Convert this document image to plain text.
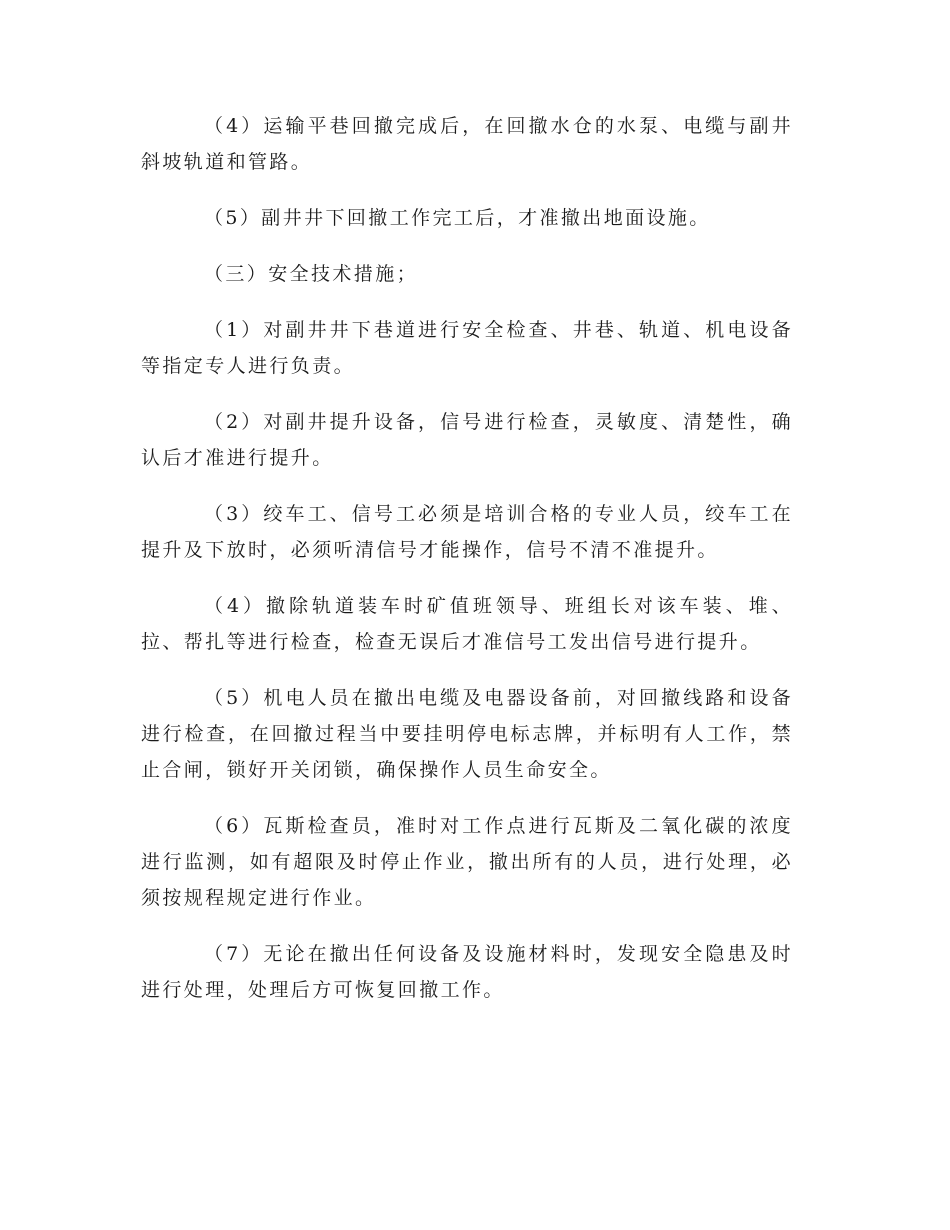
（4）运输平巷回撤完成后，在回撤水仓的水泵、电缆与副井斜坡轨道和管路。

（5）副井井下回撤工作完工后，才准撤出地面设施。

（三）安全技术措施；

（1）对副井井下巷道进行安全检查、井巷、轨道、机电设备等指定专人进行负责。

（2）对副井提升设备，信号进行检查，灵敏度、清楚性，确认后才准进行提升。

（3）绞车工、信号工必须是培训合格的专业人员，绞车工在提升及下放时，必须听清信号才能操作，信号不清不准提升。

（4）撤除轨道装车时矿值班领导、班组长对该车装、堆、拉、帮扎等进行检查，检查无误后才准信号工发出信号进行提升。

（5）机电人员在撤出电缆及电器设备前，对回撤线路和设备进行检查，在回撤过程当中要挂明停电标志牌，并标明有人工作，禁止合闸，锁好开关闭锁，确保操作人员生命安全。

（6）瓦斯检查员，准时对工作点进行瓦斯及二氧化碳的浓度进行监测，如有超限及时停止作业，撤出所有的人员，进行处理，必须按规程规定进行作业。

（7）无论在撤出任何设备及设施材料时，发现安全隐患及时进行处理，处理后方可恢复回撤工作。
